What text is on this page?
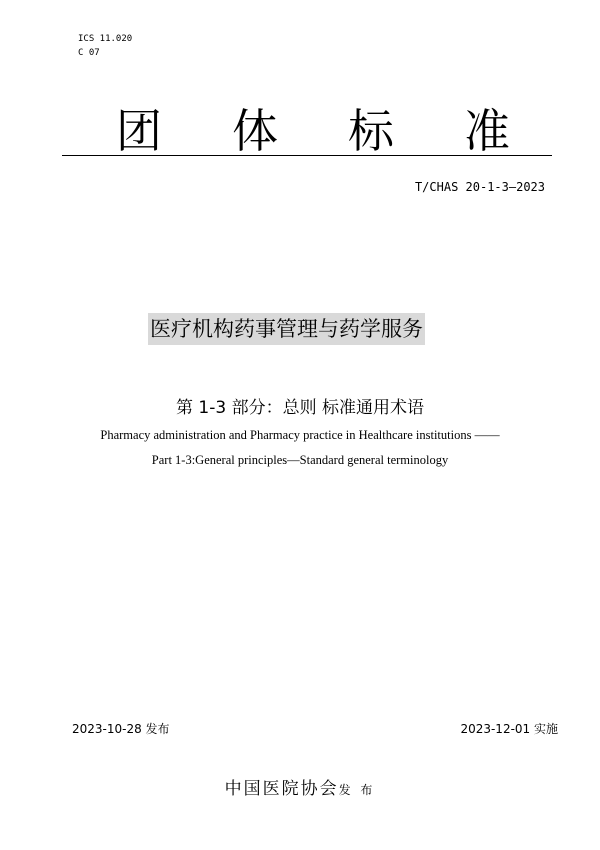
ICS 11.020
C 07
团 体 标 准
T/CHAS 20-1-3—2023
医疗机构药事管理与药学服务
第 1-3 部分：总则 标准通用术语
Pharmacy administration and Pharmacy practice in Healthcare institutions ——
Part 1-3:General principles—Standard general terminology
2023-10-28 发布	2023-12-01 实施
中国医院协会发 布
